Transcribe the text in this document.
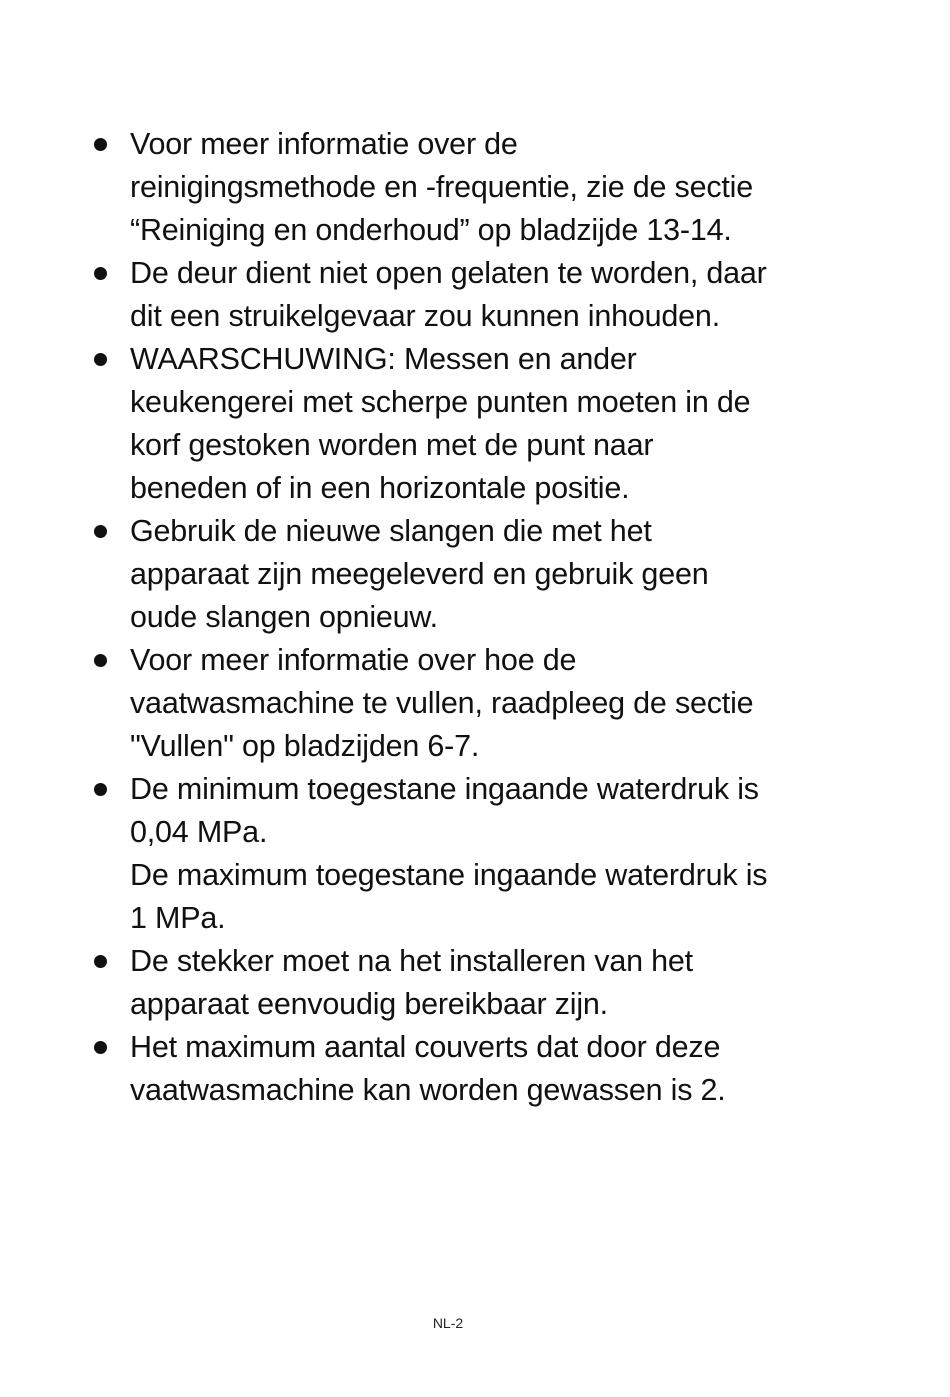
Voor meer informatie over de
reinigingsmethode en -frequentie, zie de sectie
“Reiniging en onderhoud” op bladzijde 13-14.
De deur dient niet open gelaten te worden, daar
dit een struikelgevaar zou kunnen inhouden.
WAARSCHUWING: Messen en ander
keukengerei met scherpe punten moeten in de
korf gestoken worden met de punt naar
beneden of in een horizontale positie.
Gebruik de nieuwe slangen die met het
apparaat zijn meegeleverd en gebruik geen
oude slangen opnieuw.
Voor meer informatie over hoe de
vaatwasmachine te vullen, raadpleeg de sectie
"Vullen" op bladzijden 6-7.
De minimum toegestane ingaande waterdruk is
0,04 MPa.
De maximum toegestane ingaande waterdruk is
1 MPa.
De stekker moet na het installeren van het
apparaat eenvoudig bereikbaar zijn.
Het maximum aantal couverts dat door deze
vaatwasmachine kan worden gewassen is 2.
NL-2
